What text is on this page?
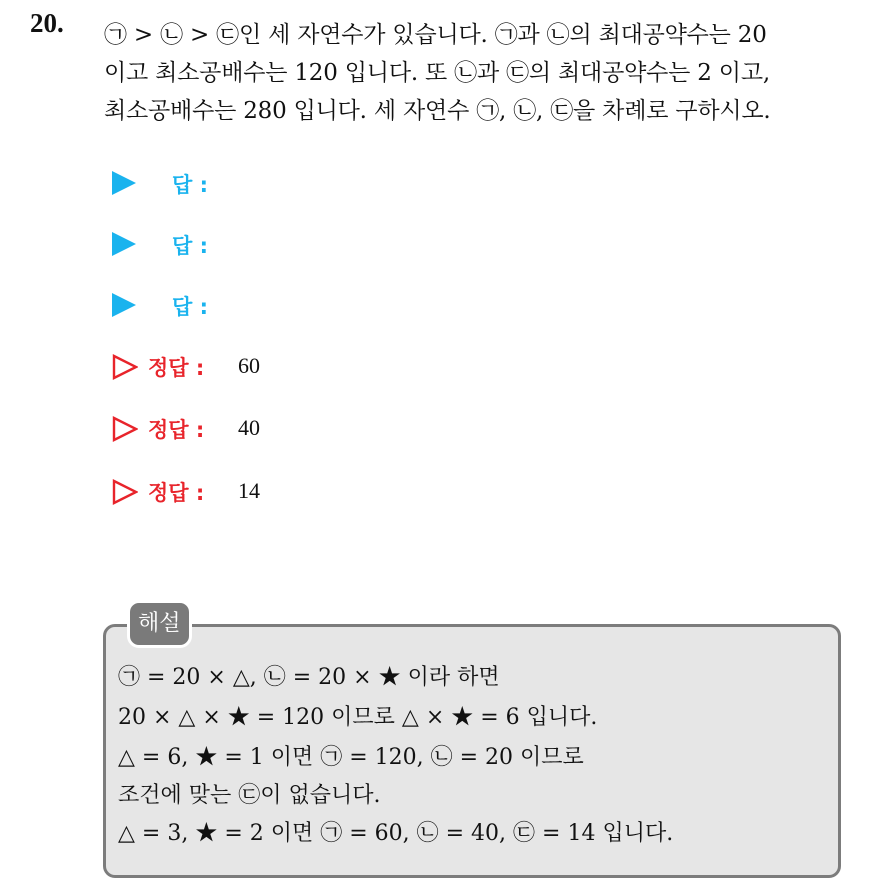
20. ㉠ > ㉡ > ㉢인 세 자연수가 있습니다. ㉠과 ㉡의 최대공약수는 20
이고 최소공배수는 120 입니다. 또 ㉡과 ㉢의 최대공약수는 2 이고,
최소공배수는 280 입니다. 세 자연수 ㉠, ㉡, ㉢을 차례로 구하시오.
답 :
답 :
답 :
정답 : 60
정답 : 40
정답 : 14
해설
㉠ = 20 × △, ㉡ = 20 × ★ 이라 하면
20 × △ × ★ = 120 이므로 △ × ★ = 6 입니다.
△ = 6, ★ = 1 이면 ㉠ = 120, ㉡ = 20 이므로
조건에 맞는 ㉢이 없습니다.
△ = 3, ★ = 2 이면 ㉠ = 60, ㉡ = 40, ㉢ = 14 입니다.
